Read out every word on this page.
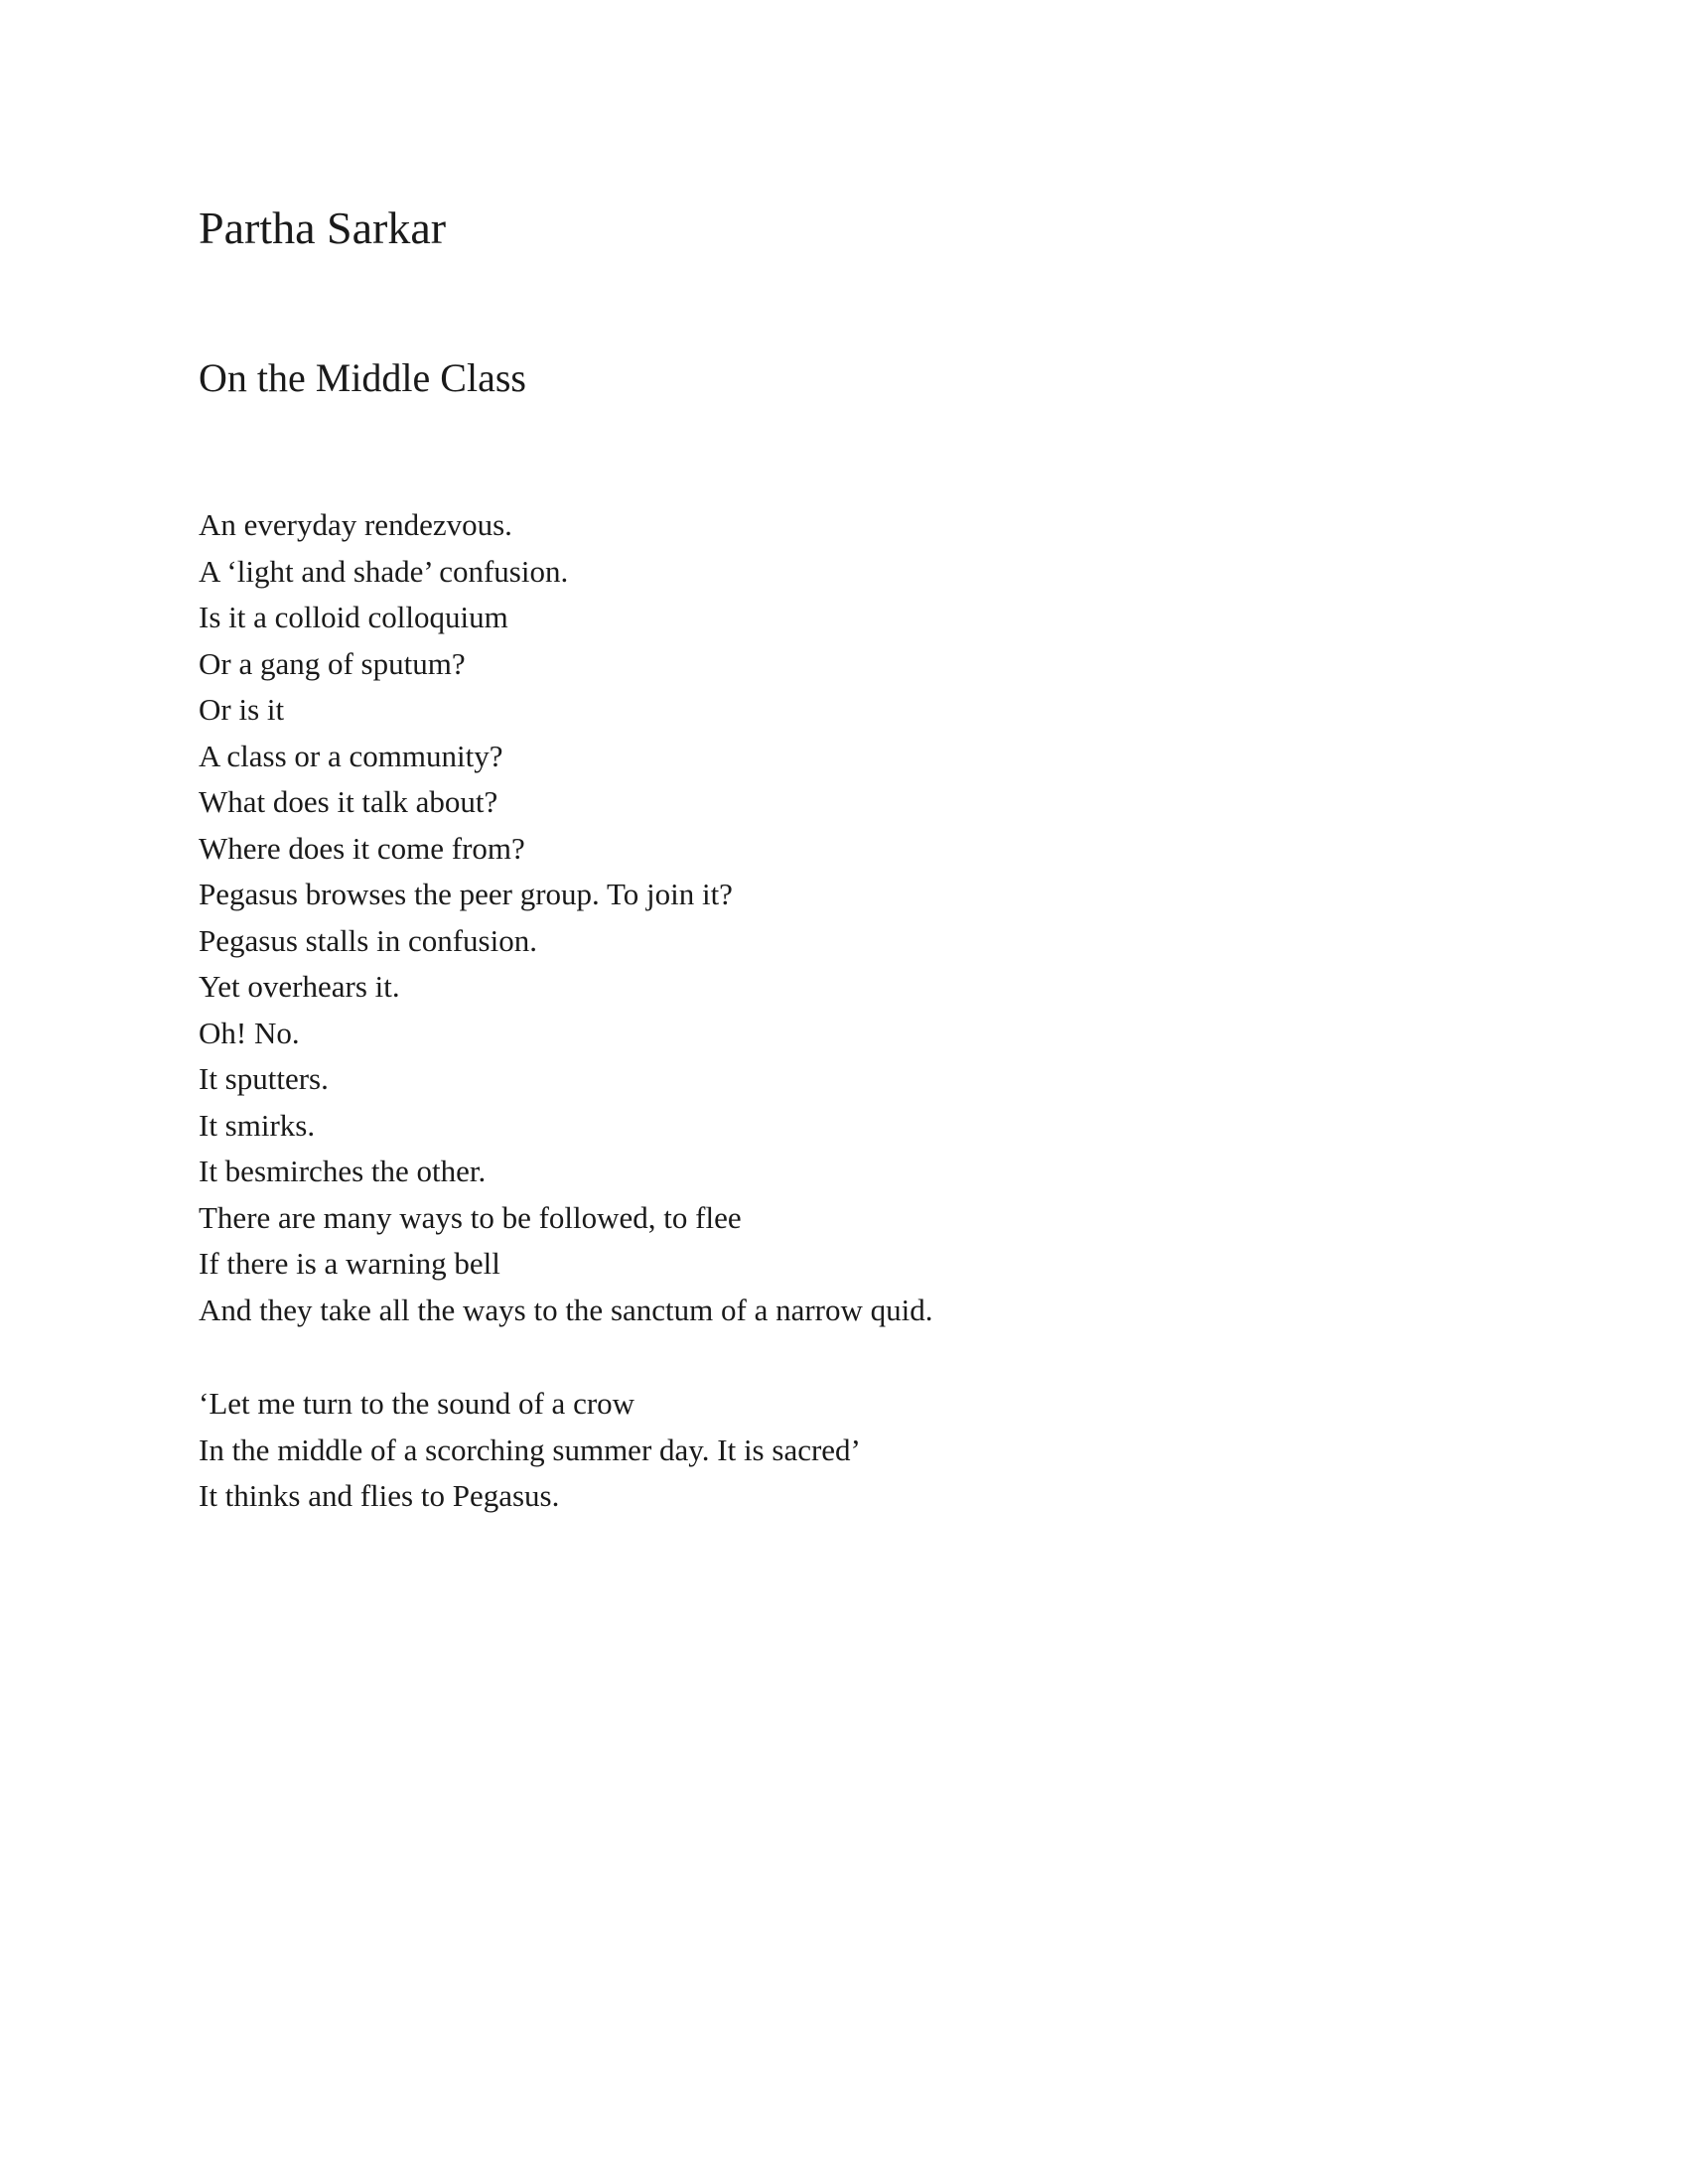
Partha Sarkar
On the Middle Class
An everyday rendezvous.
A ‘light and shade’ confusion.
Is it a colloid colloquium
Or a gang of sputum?
Or is it
A class or a community?
What does it talk about?
Where does it come from?
Pegasus browses the peer group. To join it?
Pegasus stalls in confusion.
Yet overhears it.
Oh! No.
It sputters.
It smirks.
It besmirches the other.
There are many ways to be followed, to flee
If there is a warning bell
And they take all the ways to the sanctum of a narrow quid.
‘Let me turn to the sound of a crow
In the middle of a scorching summer day. It is sacred’
It thinks and flies to Pegasus.
